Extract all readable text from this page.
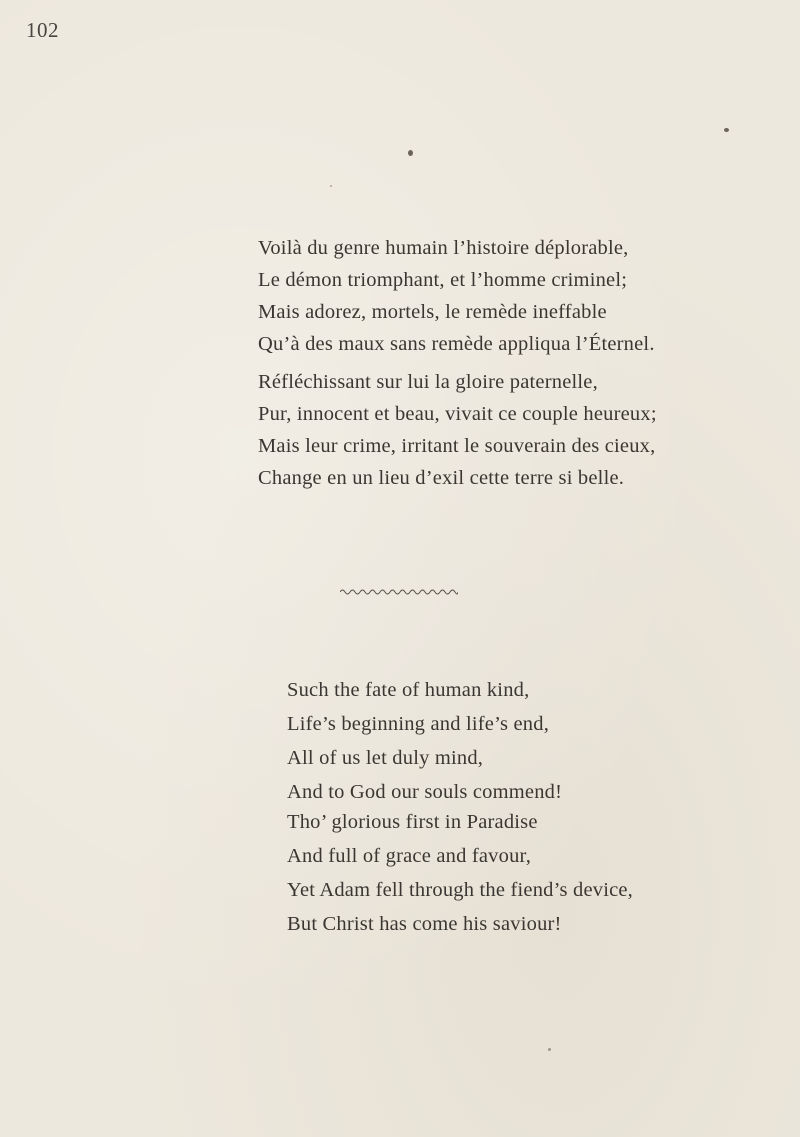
102
Voilà du genre humain l’histoire déplorable,
Le démon triomphant, et l’homme criminel;
Mais adorez, mortels, le remède ineffable
Qu’à des maux sans remède appliqua l’Éternel.
Réfléchissant sur lui la gloire paternelle,
Pur, innocent et beau, vivait ce couple heureux;
Mais leur crime, irritant le souverain des cieux,
Change en un lieu d’exil cette terre si belle.
Such the fate of human kind,
Life’s beginning and life’s end,
All of us let duly mind,
And to God our souls commend!
Tho’ glorious first in Paradise
And full of grace and favour,
Yet Adam fell through the fiend’s device,
But Christ has come his saviour!
